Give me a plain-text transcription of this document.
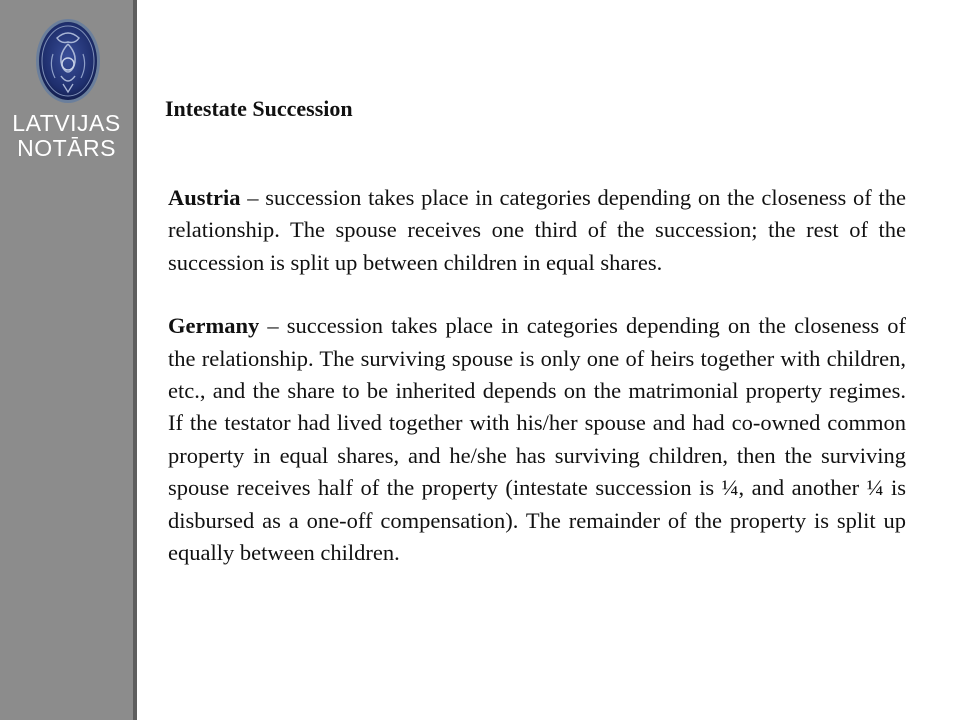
LATVIJAS
NOTĀRS
Intestate Succession

Austria – succession takes place in categories depending on the closeness of the relationship. The spouse receives one third of the succession; the rest of the succession is split up between children in equal shares.

Germany – succession takes place in categories depending on the closeness of the relationship. The surviving spouse is only one of heirs together with children, etc., and the share to be inherited depends on the matrimonial property regimes. If the testator had lived together with his/her spouse and had co-owned common property in equal shares, and he/she has surviving children, then the surviving spouse receives half of the property (intestate succession is ¼, and another ¼ is disbursed as a one-off compensation). The remainder of the property is split up equally between children.
